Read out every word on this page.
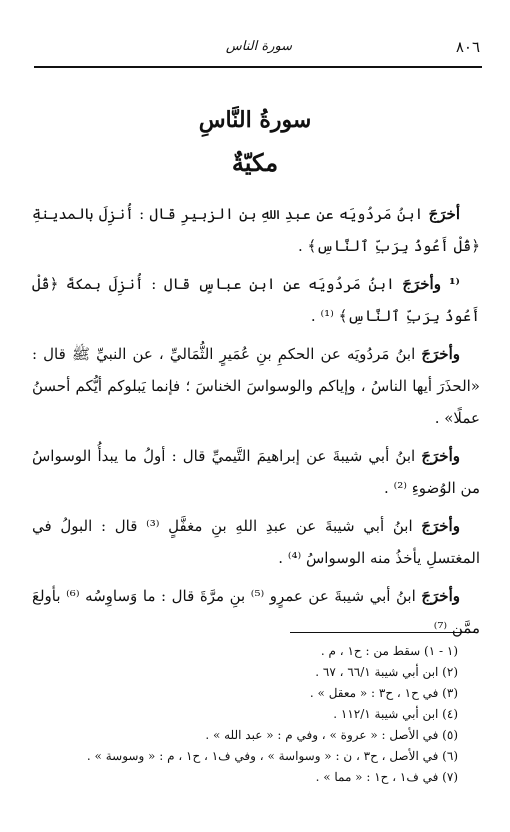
٨٠٦
سورة الناس
سورةُ النَّاسِ
مكيّةٌ

أخرَجَ ابنُ مَردُويَه عن عبدِ اللهِ بنِ الزبيرِ قال : أُنزِلَ بالمدينةِ ﴿قُلْ أَعُوذُ بِرَبِّ ٱلنَّاسِ﴾ .

⁽¹ وأخرَجَ ابنُ مَردُويَه عن ابنِ عباسٍ قال : أُنزِلَ بمكةَ ﴿قُلْ أَعُوذُ بِرَبِّ ٱلنَّاسِ﴾ ⁽¹⁾ .

وأخرَجَ ابنُ مَردُويَه عن الحكمِ بنِ عُمَيرٍ الثُّمَاليِّ ، عن النبيِّ ﷺ قال : «الحذَرَ أيها الناسُ ، وإياكم والوسواسَ الخناسَ ؛ فإنما يَبلوكم أيُّكم أحسنُ عملًا» .

وأخرَجَ ابنُ أبي شيبةَ عن إبراهيمَ التَّيميِّ قال : أولُ ما يبدأُ الوسواسُ من الوُضوءِ ⁽²⁾ .

وأخرَجَ ابنُ أبي شيبةَ عن عبدِ اللهِ بنِ مغفَّلٍ ⁽³⁾ قال : البولُ في المغتسلِ يأخذُ منه الوسواسُ ⁽⁴⁾ .

وأخرَجَ ابنُ أبي شيبةَ عن عمرٍو ⁽⁵⁾ بنِ مرَّةَ قال : ما وَساوِسُه ⁽⁶⁾ بأولعَ ممَّن ⁽⁷⁾

(١ - ١) سقط من : ح١ ، م .
(٢) ابن أبي شيبة ٦٦/١ ، ٦٧ .
(٣) في ح١ ، ح٣ : « معقل » .
(٤) ابن أبي شيبة ١١٢/١ .
(٥) في الأصل : « عروة » ، وفي م : « عبد الله » .
(٦) في الأصل ، ح٣ ، ن : « وسواسة » ، وفي ف١ ، ح١ ، م : « وسوسة » .
(٧) في ف١ ، ح١ : « مما » .
